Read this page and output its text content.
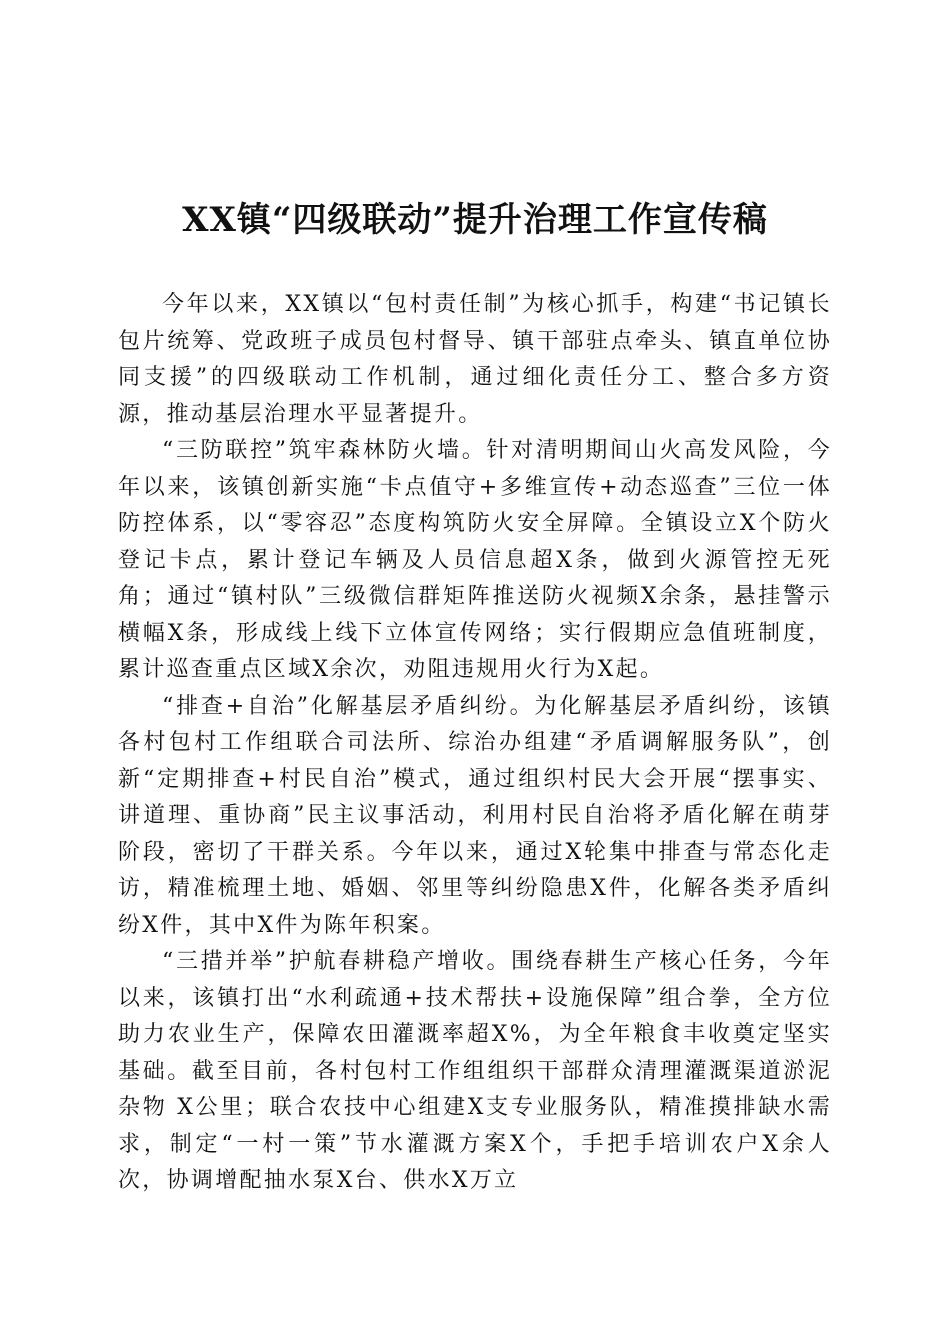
XX镇“四级联动”提升治理工作宣传稿

今年以来，XX镇以“包村责任制”为核心抓手，构建“书记镇长包片统筹、党政班子成员包村督导、镇干部驻点牵头、镇直单位协同支援”的四级联动工作机制，通过细化责任分工、整合多方资源，推动基层治理水平显著提升。

“三防联控”筑牢森林防火墙。针对清明期间山火高发风险，今年以来，该镇创新实施“卡点值守+多维宣传+动态巡查”三位一体防控体系，以“零容忍”态度构筑防火安全屏障。全镇设立X个防火登记卡点，累计登记车辆及人员信息超X条，做到火源管控无死角；通过“镇村队”三级微信群矩阵推送防火视频X余条，悬挂警示横幅X条，形成线上线下立体宣传网络；实行假期应急值班制度，累计巡查重点区域X余次，劝阻违规用火行为X起。

“排查+自治”化解基层矛盾纠纷。为化解基层矛盾纠纷，该镇各村包村工作组联合司法所、综治办组建“矛盾调解服务队”，创新“定期排查+村民自治”模式，通过组织村民大会开展“摆事实、讲道理、重协商”民主议事活动，利用村民自治将矛盾化解在萌芽阶段，密切了干群关系。今年以来，通过X轮集中排查与常态化走访，精准梳理土地、婚姻、邻里等纠纷隐患X件，化解各类矛盾纠纷X件，其中X件为陈年积案。

“三措并举”护航春耕稳产增收。围绕春耕生产核心任务，今年以来，该镇打出“水利疏通+技术帮扶+设施保障”组合拳，全方位助力农业生产，保障农田灌溉率超X%，为全年粮食丰收奠定坚实基础。截至目前，各村包村工作组组织干部群众清理灌溉渠道淤泥杂物 X公里；联合农技中心组建X支专业服务队，精准摸排缺水需求，制定“一村一策”节水灌溉方案X个，手把手培训农户X余人次，协调增配抽水泵X台、供水X万立
